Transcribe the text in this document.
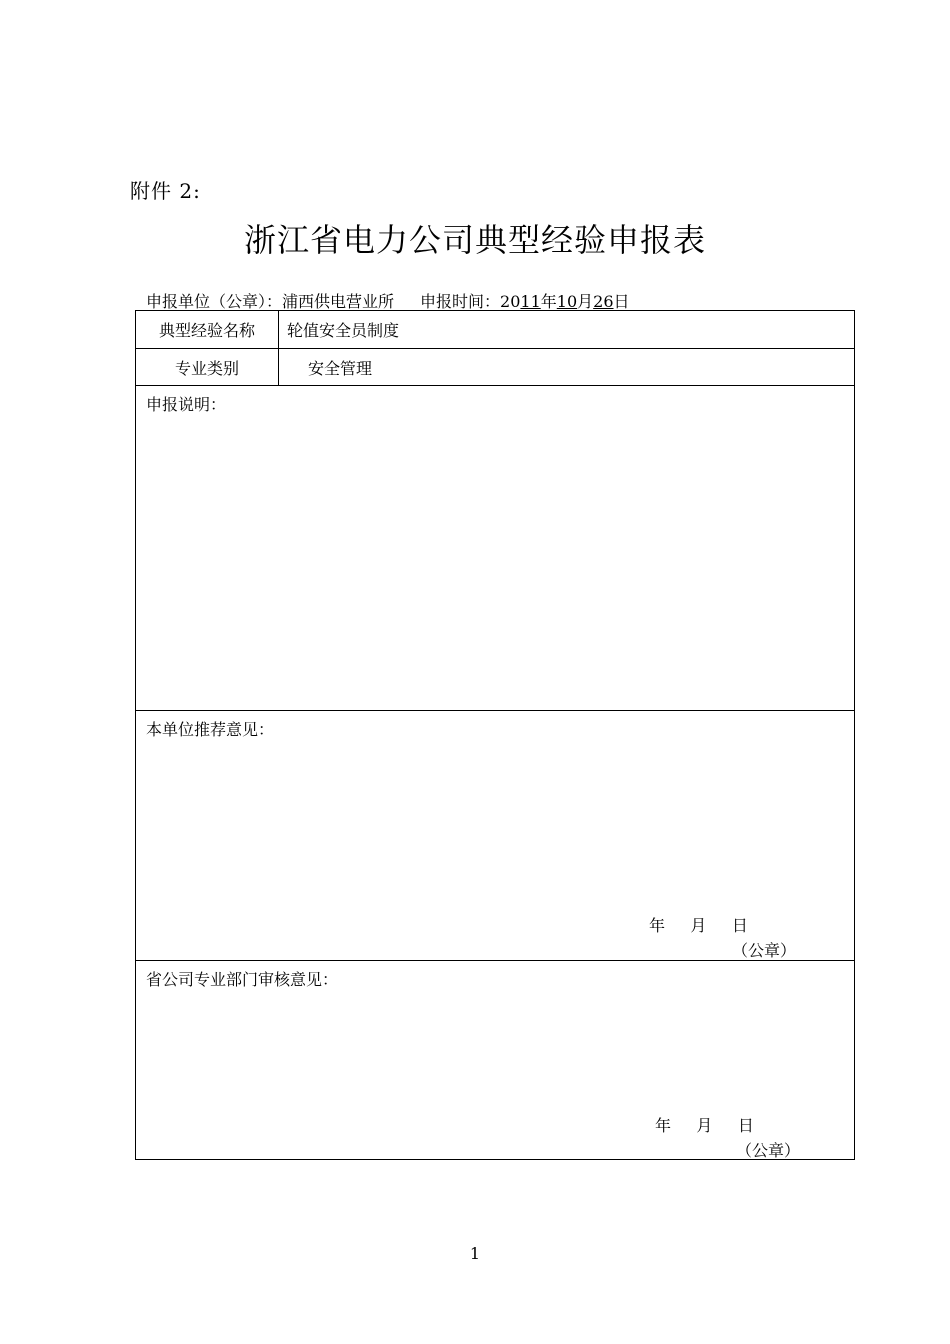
附件 2:
浙江省电力公司典型经验申报表
申报单位（公章）：浦西供电营业所 申报时间：2011年10月26日
典型经验名称	轮值安全员制度
专业类别	安全管理
申报说明：
本单位推荐意见：
年     月     日
（公章）
省公司专业部门审核意见：
年     月     日
（公章）
1
